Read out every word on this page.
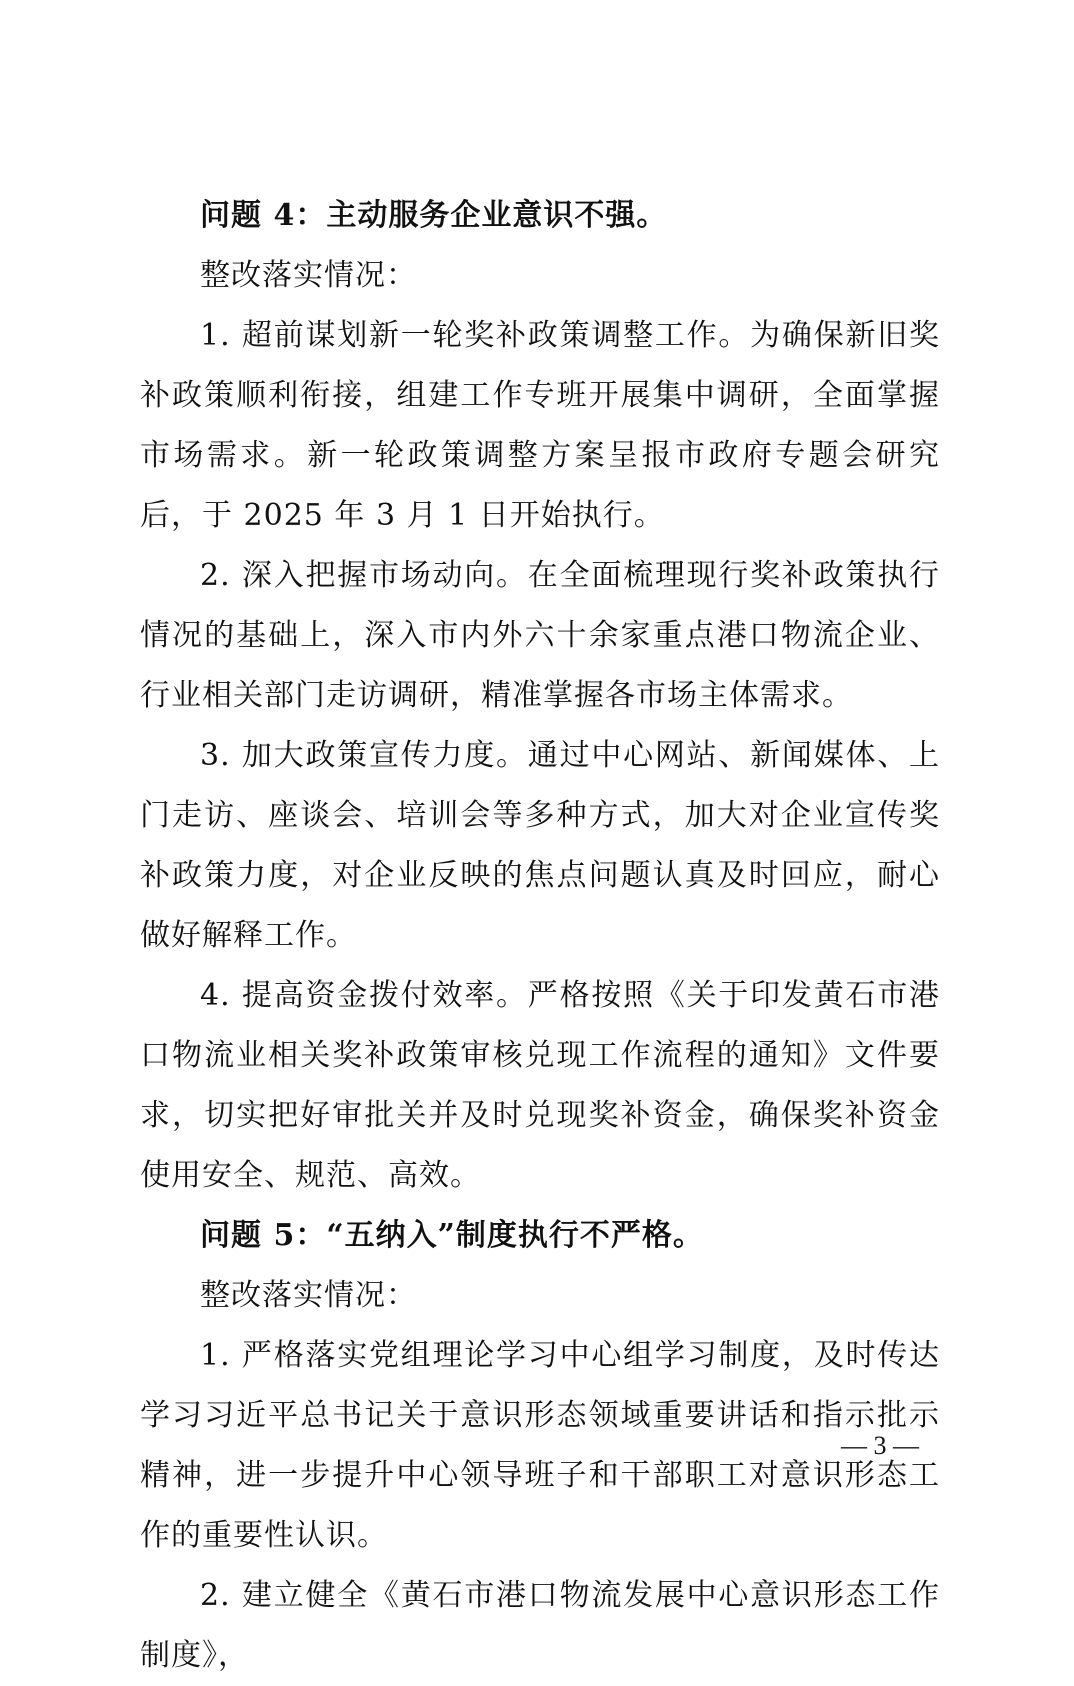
问题 4：主动服务企业意识不强。

整改落实情况：

1. 超前谋划新一轮奖补政策调整工作。为确保新旧奖补政策顺利衔接，组建工作专班开展集中调研，全面掌握市场需求。新一轮政策调整方案呈报市政府专题会研究后，于 2025 年 3 月 1 日开始执行。

2. 深入把握市场动向。在全面梳理现行奖补政策执行情况的基础上，深入市内外六十余家重点港口物流企业、行业相关部门走访调研，精准掌握各市场主体需求。

3. 加大政策宣传力度。通过中心网站、新闻媒体、上门走访、座谈会、培训会等多种方式，加大对企业宣传奖补政策力度，对企业反映的焦点问题认真及时回应，耐心做好解释工作。

4. 提高资金拨付效率。严格按照《关于印发黄石市港口物流业相关奖补政策审核兑现工作流程的通知》文件要求，切实把好审批关并及时兑现奖补资金，确保奖补资金使用安全、规范、高效。

问题 5：“五纳入”制度执行不严格。

整改落实情况：

1. 严格落实党组理论学习中心组学习制度，及时传达学习习近平总书记关于意识形态领域重要讲话和指示批示精神，进一步提升中心领导班子和干部职工对意识形态工作的重要性认识。

2. 建立健全《黄石市港口物流发展中心意识形态工作制度》，

— 3 —
